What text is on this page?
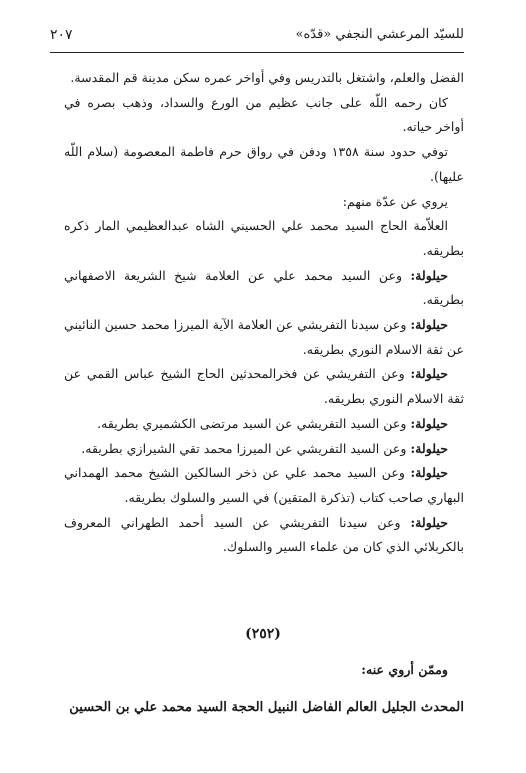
للسيّد المرعشي النجفي «قدّه»
٢٠٧

الفضل والعلم، واشتغل بالتدريس وفي أواخر عمره سكن مدينة قم المقدسة.

كان رحمه اللّه على جانب عظيم من الورع والسداد، وذهب بصره في أواخر حياته.

توفي حدود سنة ١٣٥٨ ودفن في رواق حرم فاطمة المعصومة (سلام اللّه عليها).

يروي عن عدّة منهم:

العلاّمة الحاج السيد محمد علي الحسيني الشاه عبدالعظيمي المار ذكره بطريقه.

حيلولة: وعن السيد محمد علي عن العلامة شيخ الشريعة الاصفهاني بطريقه.

حيلولة: وعن سيدنا التفريشي عن العلامة الآية الميرزا محمد حسين النائيني عن ثقة الاسلام النوري بطريقه.

حيلولة: وعن التفريشي عن فخرالمحدثين الحاج الشيخ عباس القمي عن ثقة الاسلام النوري بطريقه.

حيلولة: وعن السيد التفريشي عن السيد مرتضى الكشميري بطريقه.

حيلولة: وعن السيد التفريشي عن الميرزا محمد تقي الشيرازي بطريقه.

حيلولة: وعن السيد محمد علي عن ذخر السالكين الشيخ محمد الهمداني البهاري صاحب كتاب (تذكرة المتقين) في السير والسلوك بطريقه.

حيلولة: وعن سيدنا التفريشي عن السيد أحمد الطهراني المعروف بالكربلائي الذي كان من علماء السير والسلوك.

(٢٥٢)

وممّن أروي عنه:

المحدث الجليل العالم الفاضل النبيل الحجة السيد محمد علي بن الحسين
